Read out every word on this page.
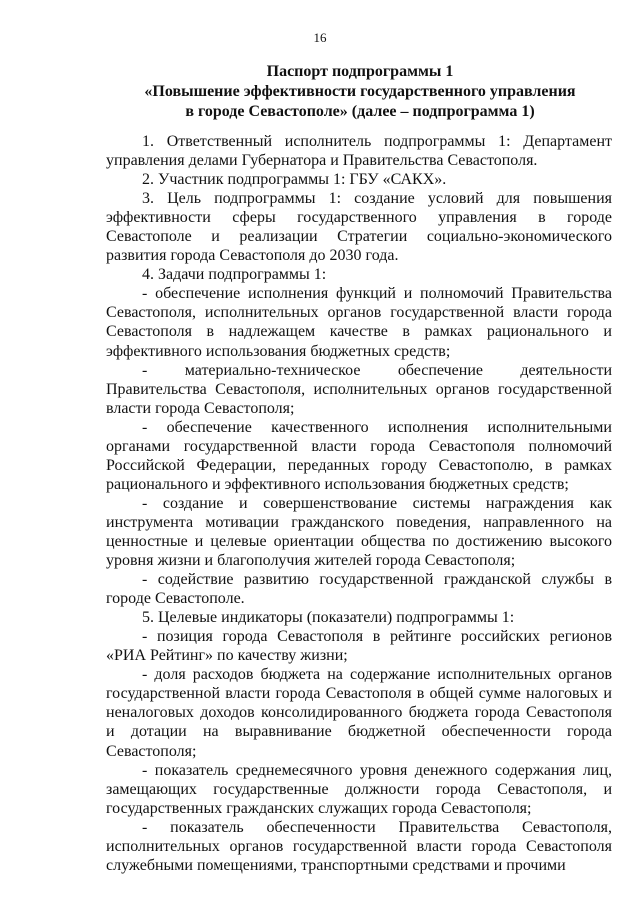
16
Паспорт подпрограммы 1
«Повышение эффективности государственного управления
в городе Севастополе» (далее – подпрограмма 1)

1. Ответственный исполнитель подпрограммы 1: Департамент управления делами Губернатора и Правительства Севастополя.

2. Участник подпрограммы 1: ГБУ «САКХ».

3. Цель подпрограммы 1: создание условий для повышения эффективности сферы государственного управления в городе Севастополе и реализации Стратегии социально-экономического развития города Севастополя до 2030 года.

4. Задачи подпрограммы 1:

- обеспечение исполнения функций и полномочий Правительства Севастополя, исполнительных органов государственной власти города Севастополя в надлежащем качестве в рамках рационального и эффективного использования бюджетных средств;

- материально-техническое обеспечение деятельности Правительства Севастополя, исполнительных органов государственной власти города Севастополя;

- обеспечение качественного исполнения исполнительными органами государственной власти города Севастополя полномочий Российской Федерации, переданных городу Севастополю, в рамках рационального и эффективного использования бюджетных средств;

- создание и совершенствование системы награждения как инструмента мотивации гражданского поведения, направленного на ценностные и целевые ориентации общества по достижению высокого уровня жизни и благополучия жителей города Севастополя;

- содействие развитию государственной гражданской службы в городе Севастополе.

5. Целевые индикаторы (показатели) подпрограммы 1:

- позиция города Севастополя в рейтинге российских регионов «РИА Рейтинг» по качеству жизни;

- доля расходов бюджета на содержание исполнительных органов государственной власти города Севастополя в общей сумме налоговых и неналоговых доходов консолидированного бюджета города Севастополя и дотации на выравнивание бюджетной обеспеченности города Севастополя;

- показатель среднемесячного уровня денежного содержания лиц, замещающих государственные должности города Севастополя, и государственных гражданских служащих города Севастополя;

- показатель обеспеченности Правительства Севастополя, исполнительных органов государственной власти города Севастополя служебными помещениями, транспортными средствами и прочими
